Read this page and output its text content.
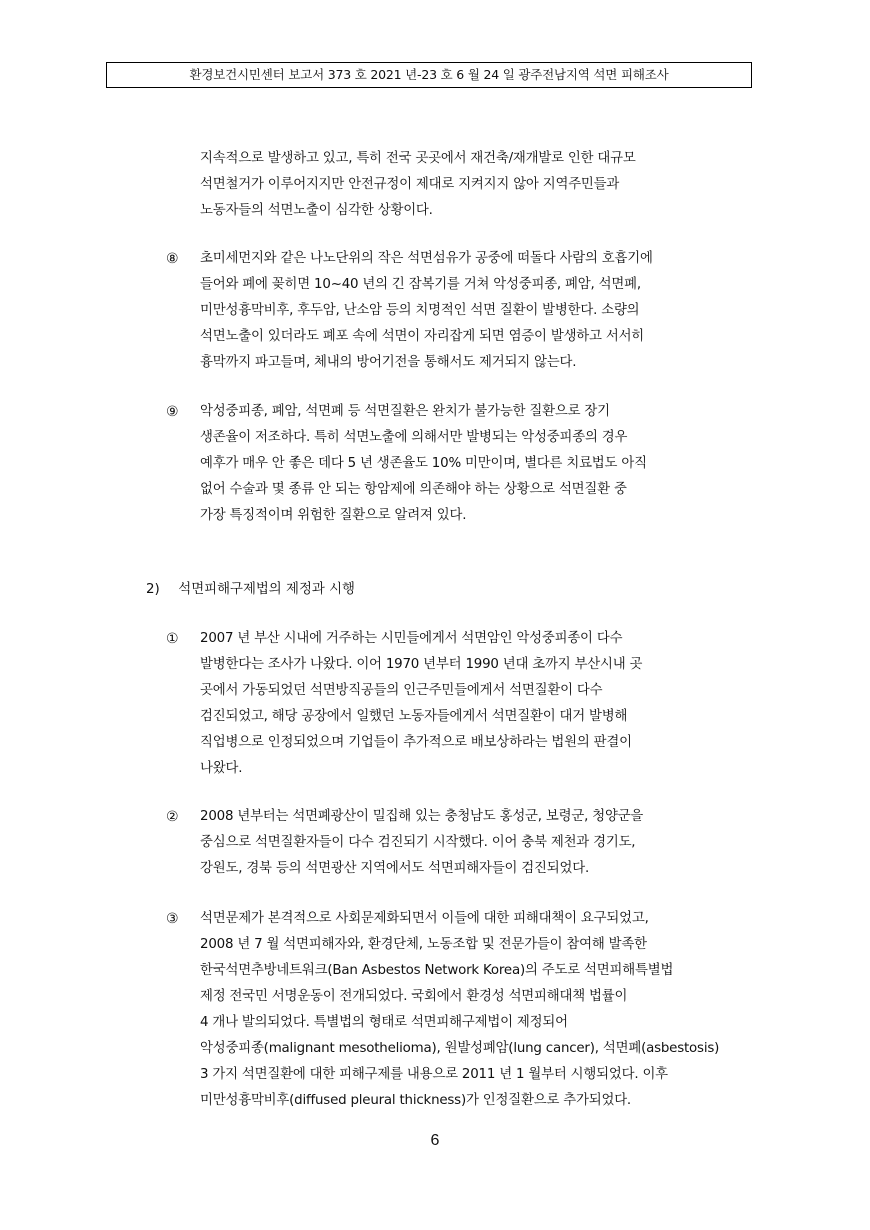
환경보건시민센터 보고서 373 호 2021 년-23 호 6 월 24 일 광주전남지역 석면 피해조사
지속적으로 발생하고 있고, 특히 전국 곳곳에서 재건축/재개발로 인한 대규모
석면철거가 이루어지지만 안전규정이 제대로 지켜지지 않아 지역주민들과
노동자들의 석면노출이 심각한 상황이다.
⑧	초미세먼지와 같은 나노단위의 작은 석면섬유가 공중에 떠돌다 사람의 호흡기에
들어와 폐에 꽂히면 10~40 년의 긴 잠복기를 거쳐 악성중피종, 폐암, 석면폐,
미만성흉막비후, 후두암, 난소암 등의 치명적인 석면 질환이 발병한다. 소량의
석면노출이 있더라도 폐포 속에 석면이 자리잡게 되면 염증이 발생하고 서서히
흉막까지 파고들며, 체내의 방어기전을 통해서도 제거되지 않는다.
⑨	악성중피종, 폐암, 석면폐 등 석면질환은 완치가 불가능한 질환으로 장기
생존율이 저조하다. 특히 석면노출에 의해서만 발병되는 악성중피종의 경우
예후가 매우 안 좋은 데다 5 년 생존율도 10% 미만이며, 별다른 치료법도 아직
없어 수술과 몇 종류 안 되는 항암제에 의존해야 하는 상황으로 석면질환 중
가장 특징적이며 위험한 질환으로 알려져 있다.
2) 석면피해구제법의 제정과 시행
①	2007 년 부산 시내에 거주하는 시민들에게서 석면암인 악성중피종이 다수
발병한다는 조사가 나왔다. 이어 1970 년부터 1990 년대 초까지 부산시내 곳
곳에서 가동되었던 석면방직공들의 인근주민들에게서 석면질환이 다수
검진되었고, 해당 공장에서 일했던 노동자들에게서 석면질환이 대거 발병해
직업병으로 인정되었으며 기업들이 추가적으로 배보상하라는 법원의 판결이
나왔다.
②	2008 년부터는 석면폐광산이 밀집해 있는 충청남도 홍성군, 보령군, 청양군을
중심으로 석면질환자들이 다수 검진되기 시작했다. 이어 충북 제천과 경기도,
강원도, 경북 등의 석면광산 지역에서도 석면피해자들이 검진되었다.
③	석면문제가 본격적으로 사회문제화되면서 이들에 대한 피해대책이 요구되었고,
2008 년 7 월 석면피해자와, 환경단체, 노동조합 및 전문가들이 참여해 발족한
한국석면추방네트워크(Ban Asbestos Network Korea)의 주도로 석면피해특별법
제정 전국민 서명운동이 전개되었다. 국회에서 환경성 석면피해대책 법률이
4 개나 발의되었다. 특별법의 형태로 석면피해구제법이 제정되어
악성중피종(malignant mesothelioma), 원발성폐암(lung cancer), 석면폐(asbestosis)
3 가지 석면질환에 대한 피해구제를 내용으로 2011 년 1 월부터 시행되었다. 이후
미만성흉막비후(diffused pleural thickness)가 인정질환으로 추가되었다.
6
